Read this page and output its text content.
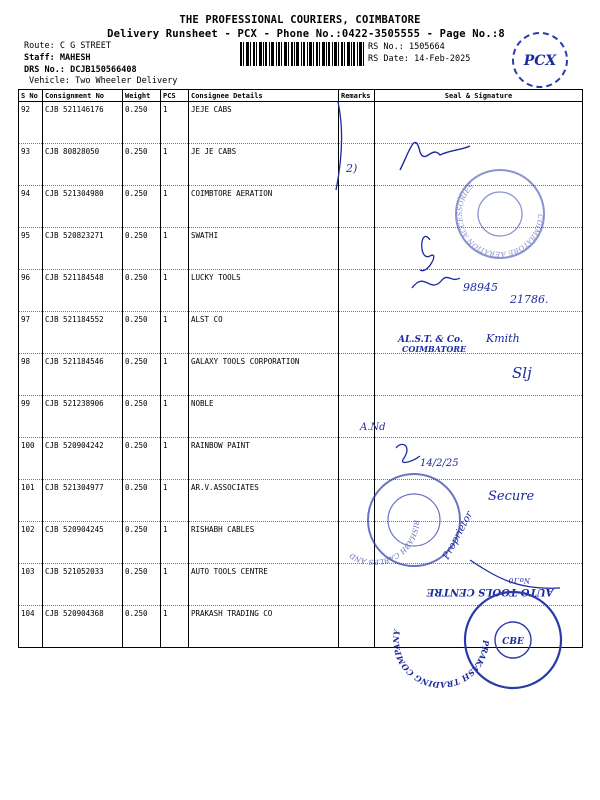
THE PROFESSIONAL COURIERS, COIMBATORE
Delivery Runsheet - PCX - Phone No.:0422-3505555 - Page No.:8
Route: C G STREET
Staff: MAHESH
DRS No.: DCJB150566408
Vehicle: Two Wheeler Delivery
RS No.: 1505664
RS Date: 14-Feb-2025
S No	Consignment No	Weight	PCS	Consignee Details	Remarks	Seal & Signature

92	CJB 521146176	0.250	1	JEJE CABS		

93	CJB 80828050	0.250	1	JE JE CABS		

94	CJB 521304980	0.250	1	COIMBTORE AERATION		

95	CJB 520823271	0.250	1	SWATHI		

96	CJB 521184548	0.250	1	LUCKY TOOLS		

97	CJB 521184552	0.250	1	ALST CO		

98	CJB 521184546	0.250	1	GALAXY TOOLS CORPORATION		

99	CJB 521238906	0.250	1	NOBLE		

100	CJB 520904242	0.250	1	RAINBOW PAINT		

101	CJB 521304977	0.250	1	AR.V.ASSOCIATES		

102	CJB 520904245	0.250	1	RISHABH CABLES		

103	CJB 521052033	0.250	1	AUTO TOOLS CENTRE		

104	CJB 520904368	0.250	1	PRAKASH TRADING CO		

PCX
2)
COIMBATORE AERATION ACCESSORIES
98945
21786.
AL.S.T. & Co.
COIMBATORE
Kmith
Slj
A.Nd
14/2/25
Secure
RISHABH CABLES AND	Proprietor
AUTO TOOLS CENTRE
No.10
CBE
PRAKASH TRADING COMPANY
